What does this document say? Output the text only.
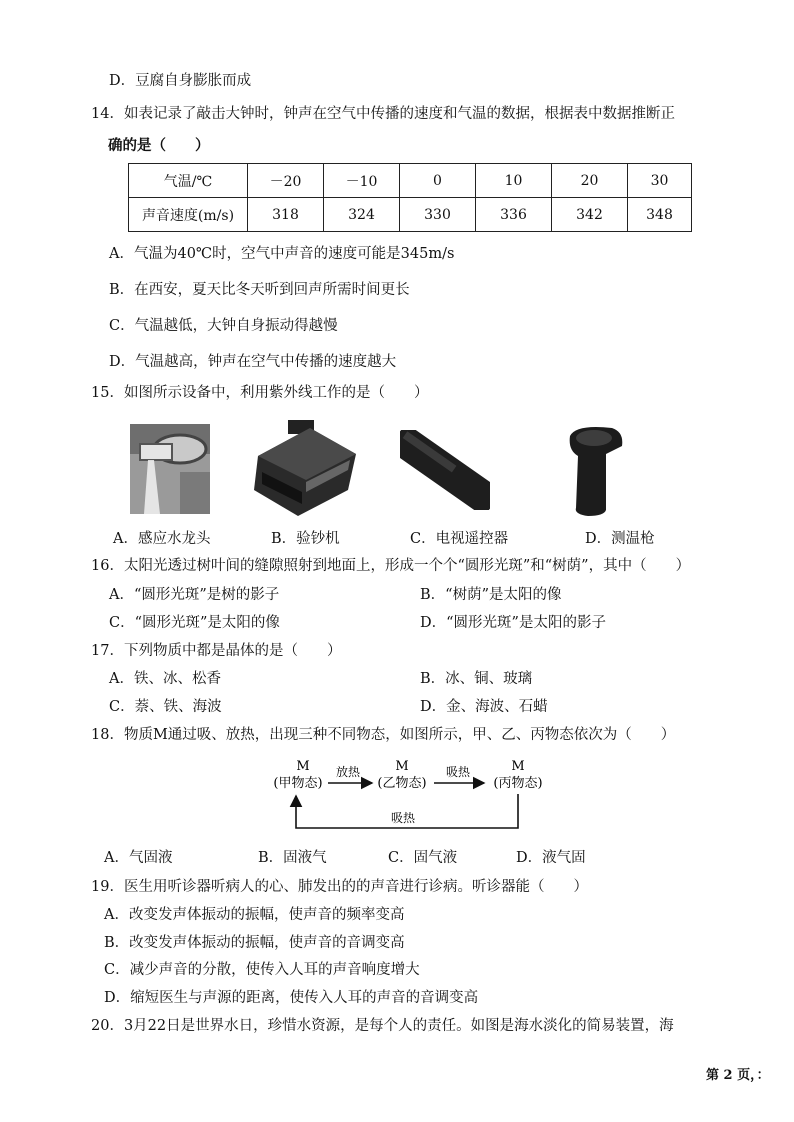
D．豆腐自身膨胀而成
14．如表记录了敲击大钟时，钟声在空气中传播的速度和气温的数据，根据表中数据推断正
确的是（　　）
气温/℃	－20	－10	0	10	20	30
声音速度(m/s)	318	324	330	336	342	348
A．气温为40℃时，空气中声音的速度可能是345m/s
B．在西安，夏天比冬天听到回声所需时间更长
C．气温越低，大钟自身振动得越慢
D．气温越高，钟声在空气中传播的速度越大
15．如图所示设备中，利用紫外线工作的是（　　）
A．感应水龙头	B．验钞机	C．电视遥控器	D．测温枪
16．太阳光透过树叶间的缝隙照射到地面上，形成一个个“圆形光斑”和“树荫”，其中（　　）
A．“圆形光斑”是树的影子	B．“树荫”是太阳的像
C．“圆形光斑”是太阳的像	D．“圆形光斑”是太阳的影子
17．下列物质中都是晶体的是（　　）
A．铁、冰、松香	B．冰、铜、玻璃
C．萘、铁、海波	D．金、海波、石蜡
18．物质M通过吸、放热，出现三种不同物态，如图所示，甲、乙、丙物态依次为（　　）
M
(甲物态)
M
(乙物态)
M
(丙物态)
放热	吸热
吸热
A．气固液	B．固液气	C．固气液	D．液气固
19．医生用听诊器听病人的心、肺发出的的声音进行诊病。听诊器能（　　）
A．改变发声体振动的振幅，使声音的频率变高
B．改变发声体振动的振幅，使声音的音调变高
C．减少声音的分散，使传入人耳的声音响度增大
D．缩短医生与声源的距离，使传入人耳的声音的音调变高
20．3月22日是世界水日，珍惜水资源，是每个人的责任。如图是海水淡化的简易装置，海
第 2 页，：
